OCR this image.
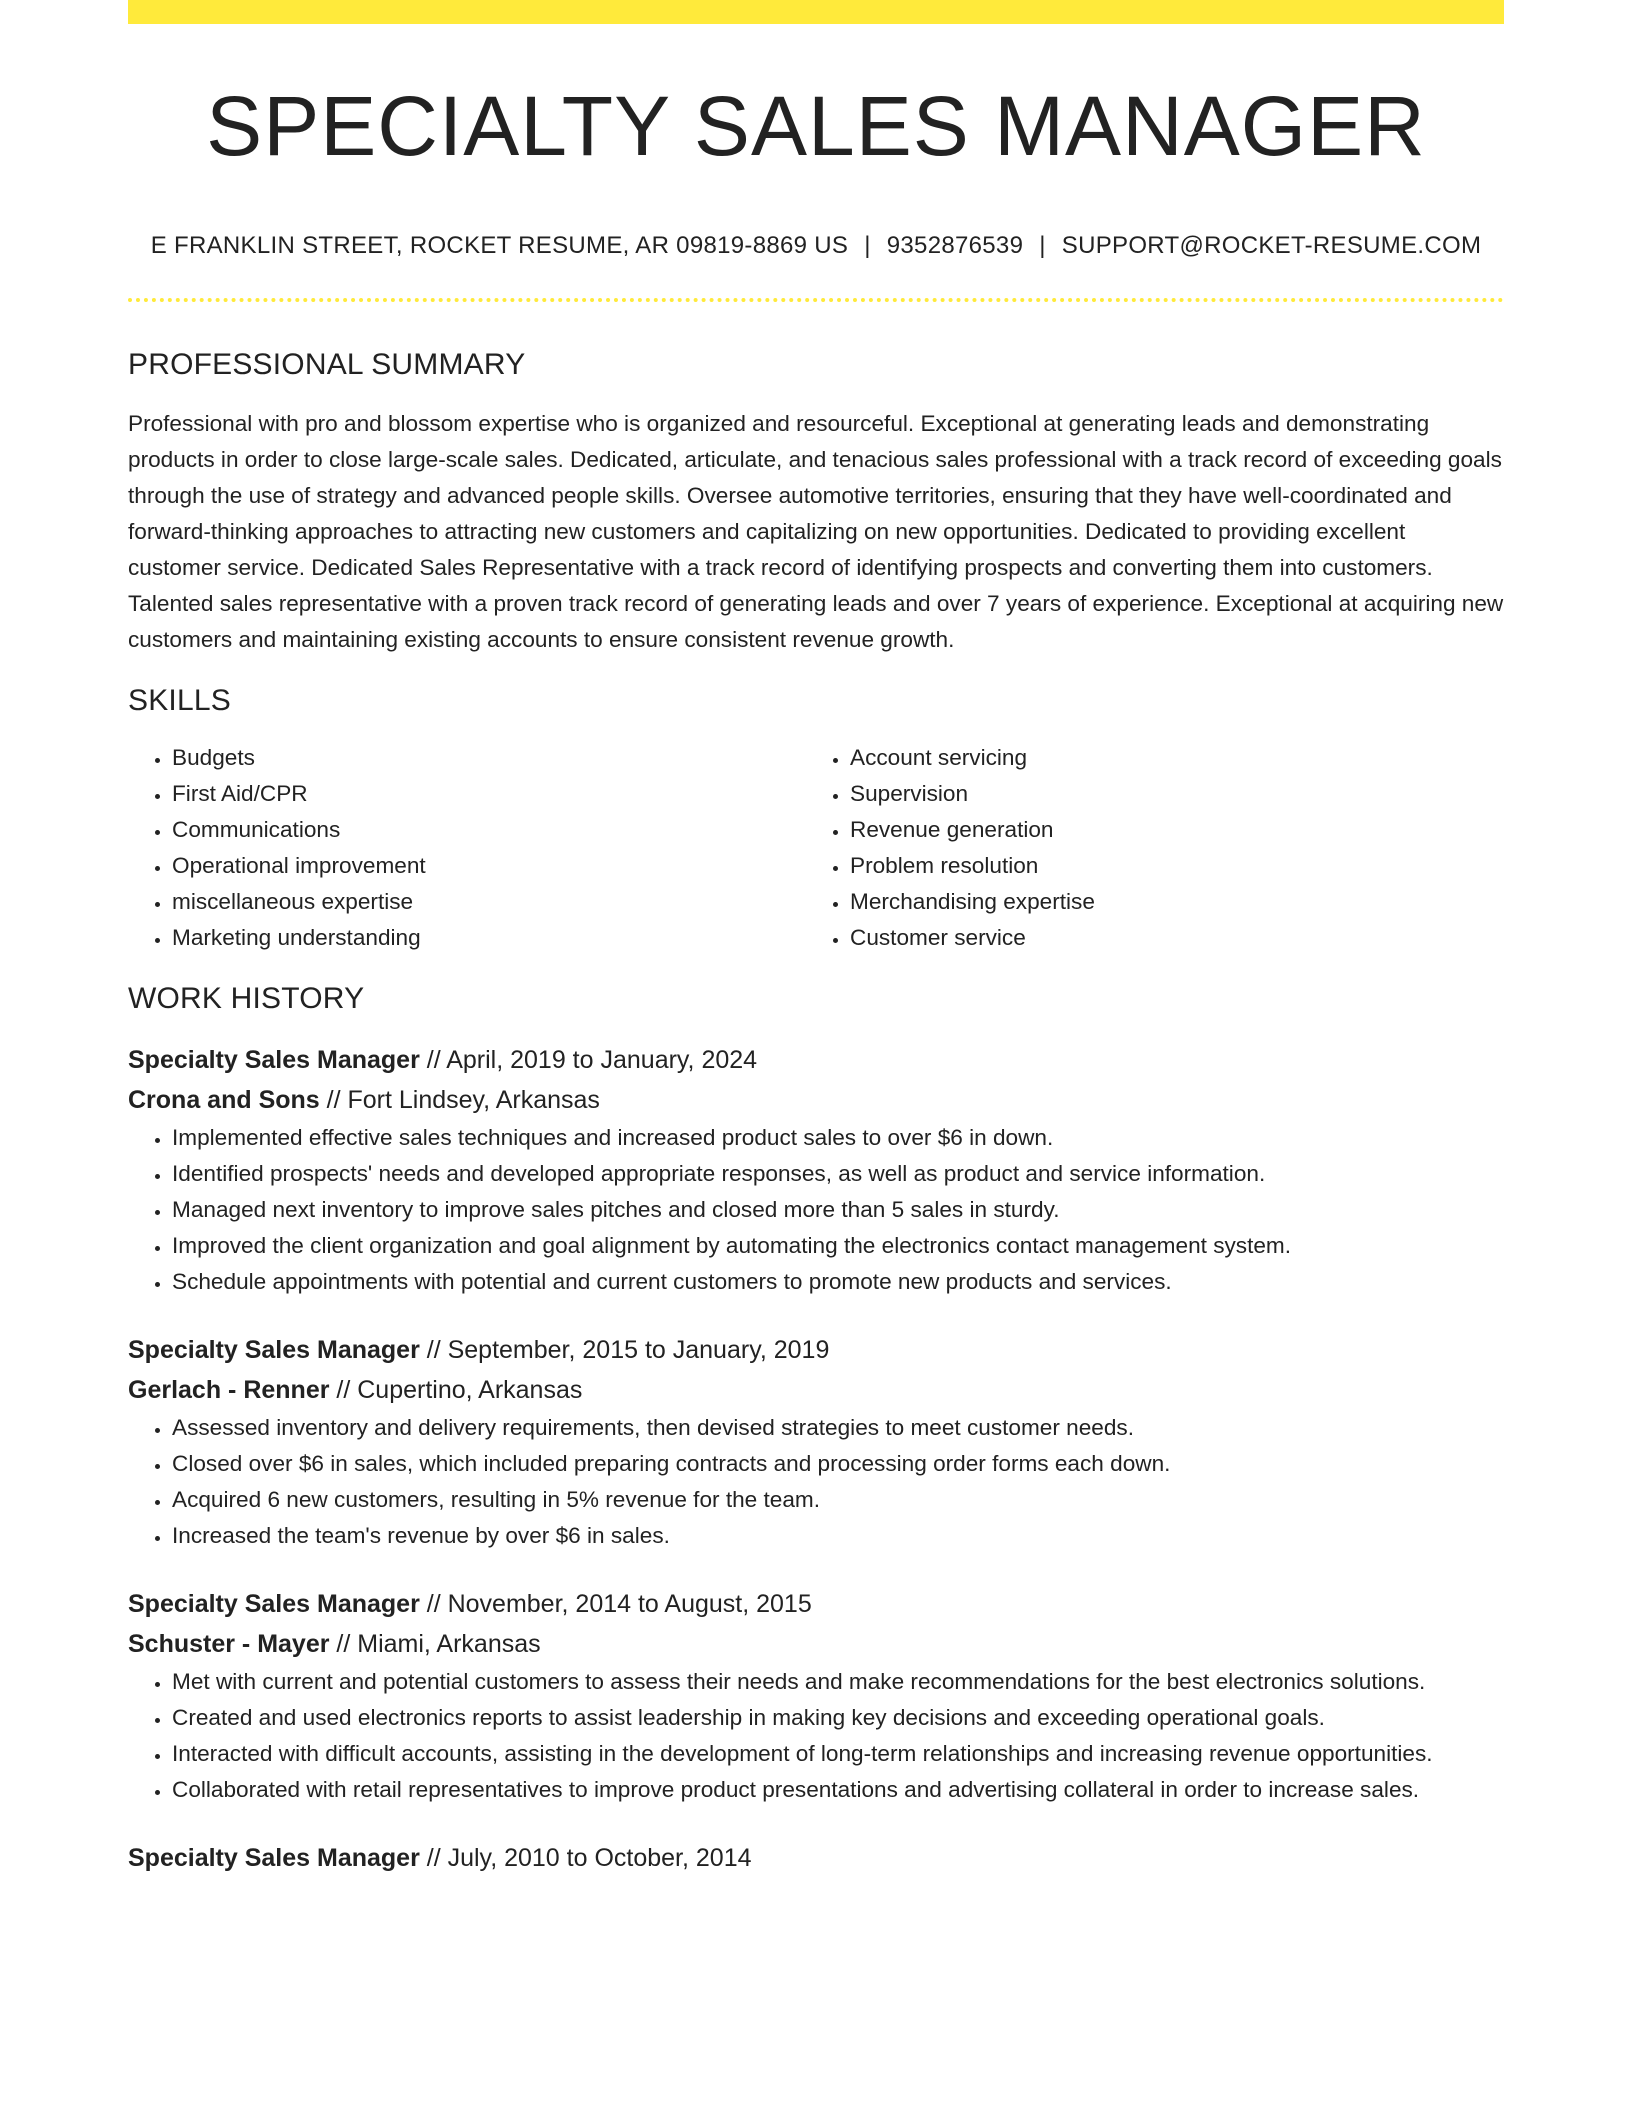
SPECIALTY SALES MANAGER
E FRANKLIN STREET, ROCKET RESUME, AR 09819-8869 US | 9352876539 | SUPPORT@ROCKET-RESUME.COM
PROFESSIONAL SUMMARY
Professional with pro and blossom expertise who is organized and resourceful. Exceptional at generating leads and demonstrating products in order to close large-scale sales. Dedicated, articulate, and tenacious sales professional with a track record of exceeding goals through the use of strategy and advanced people skills. Oversee automotive territories, ensuring that they have well-coordinated and forward-thinking approaches to attracting new customers and capitalizing on new opportunities. Dedicated to providing excellent customer service. Dedicated Sales Representative with a track record of identifying prospects and converting them into customers. Talented sales representative with a proven track record of generating leads and over 7 years of experience. Exceptional at acquiring new customers and maintaining existing accounts to ensure consistent revenue growth.
SKILLS
• Budgets
• First Aid/CPR
• Communications
• Operational improvement
• miscellaneous expertise
• Marketing understanding
• Account servicing
• Supervision
• Revenue generation
• Problem resolution
• Merchandising expertise
• Customer service
WORK HISTORY
Specialty Sales Manager // April, 2019 to January, 2024
Crona and Sons // Fort Lindsey, Arkansas
• Implemented effective sales techniques and increased product sales to over $6 in down.
• Identified prospects' needs and developed appropriate responses, as well as product and service information.
• Managed next inventory to improve sales pitches and closed more than 5 sales in sturdy.
• Improved the client organization and goal alignment by automating the electronics contact management system.
• Schedule appointments with potential and current customers to promote new products and services.
Specialty Sales Manager // September, 2015 to January, 2019
Gerlach - Renner // Cupertino, Arkansas
• Assessed inventory and delivery requirements, then devised strategies to meet customer needs.
• Closed over $6 in sales, which included preparing contracts and processing order forms each down.
• Acquired 6 new customers, resulting in 5% revenue for the team.
• Increased the team's revenue by over $6 in sales.
Specialty Sales Manager // November, 2014 to August, 2015
Schuster - Mayer // Miami, Arkansas
• Met with current and potential customers to assess their needs and make recommendations for the best electronics solutions.
• Created and used electronics reports to assist leadership in making key decisions and exceeding operational goals.
• Interacted with difficult accounts, assisting in the development of long-term relationships and increasing revenue opportunities.
• Collaborated with retail representatives to improve product presentations and advertising collateral in order to increase sales.
Specialty Sales Manager // July, 2010 to October, 2014
